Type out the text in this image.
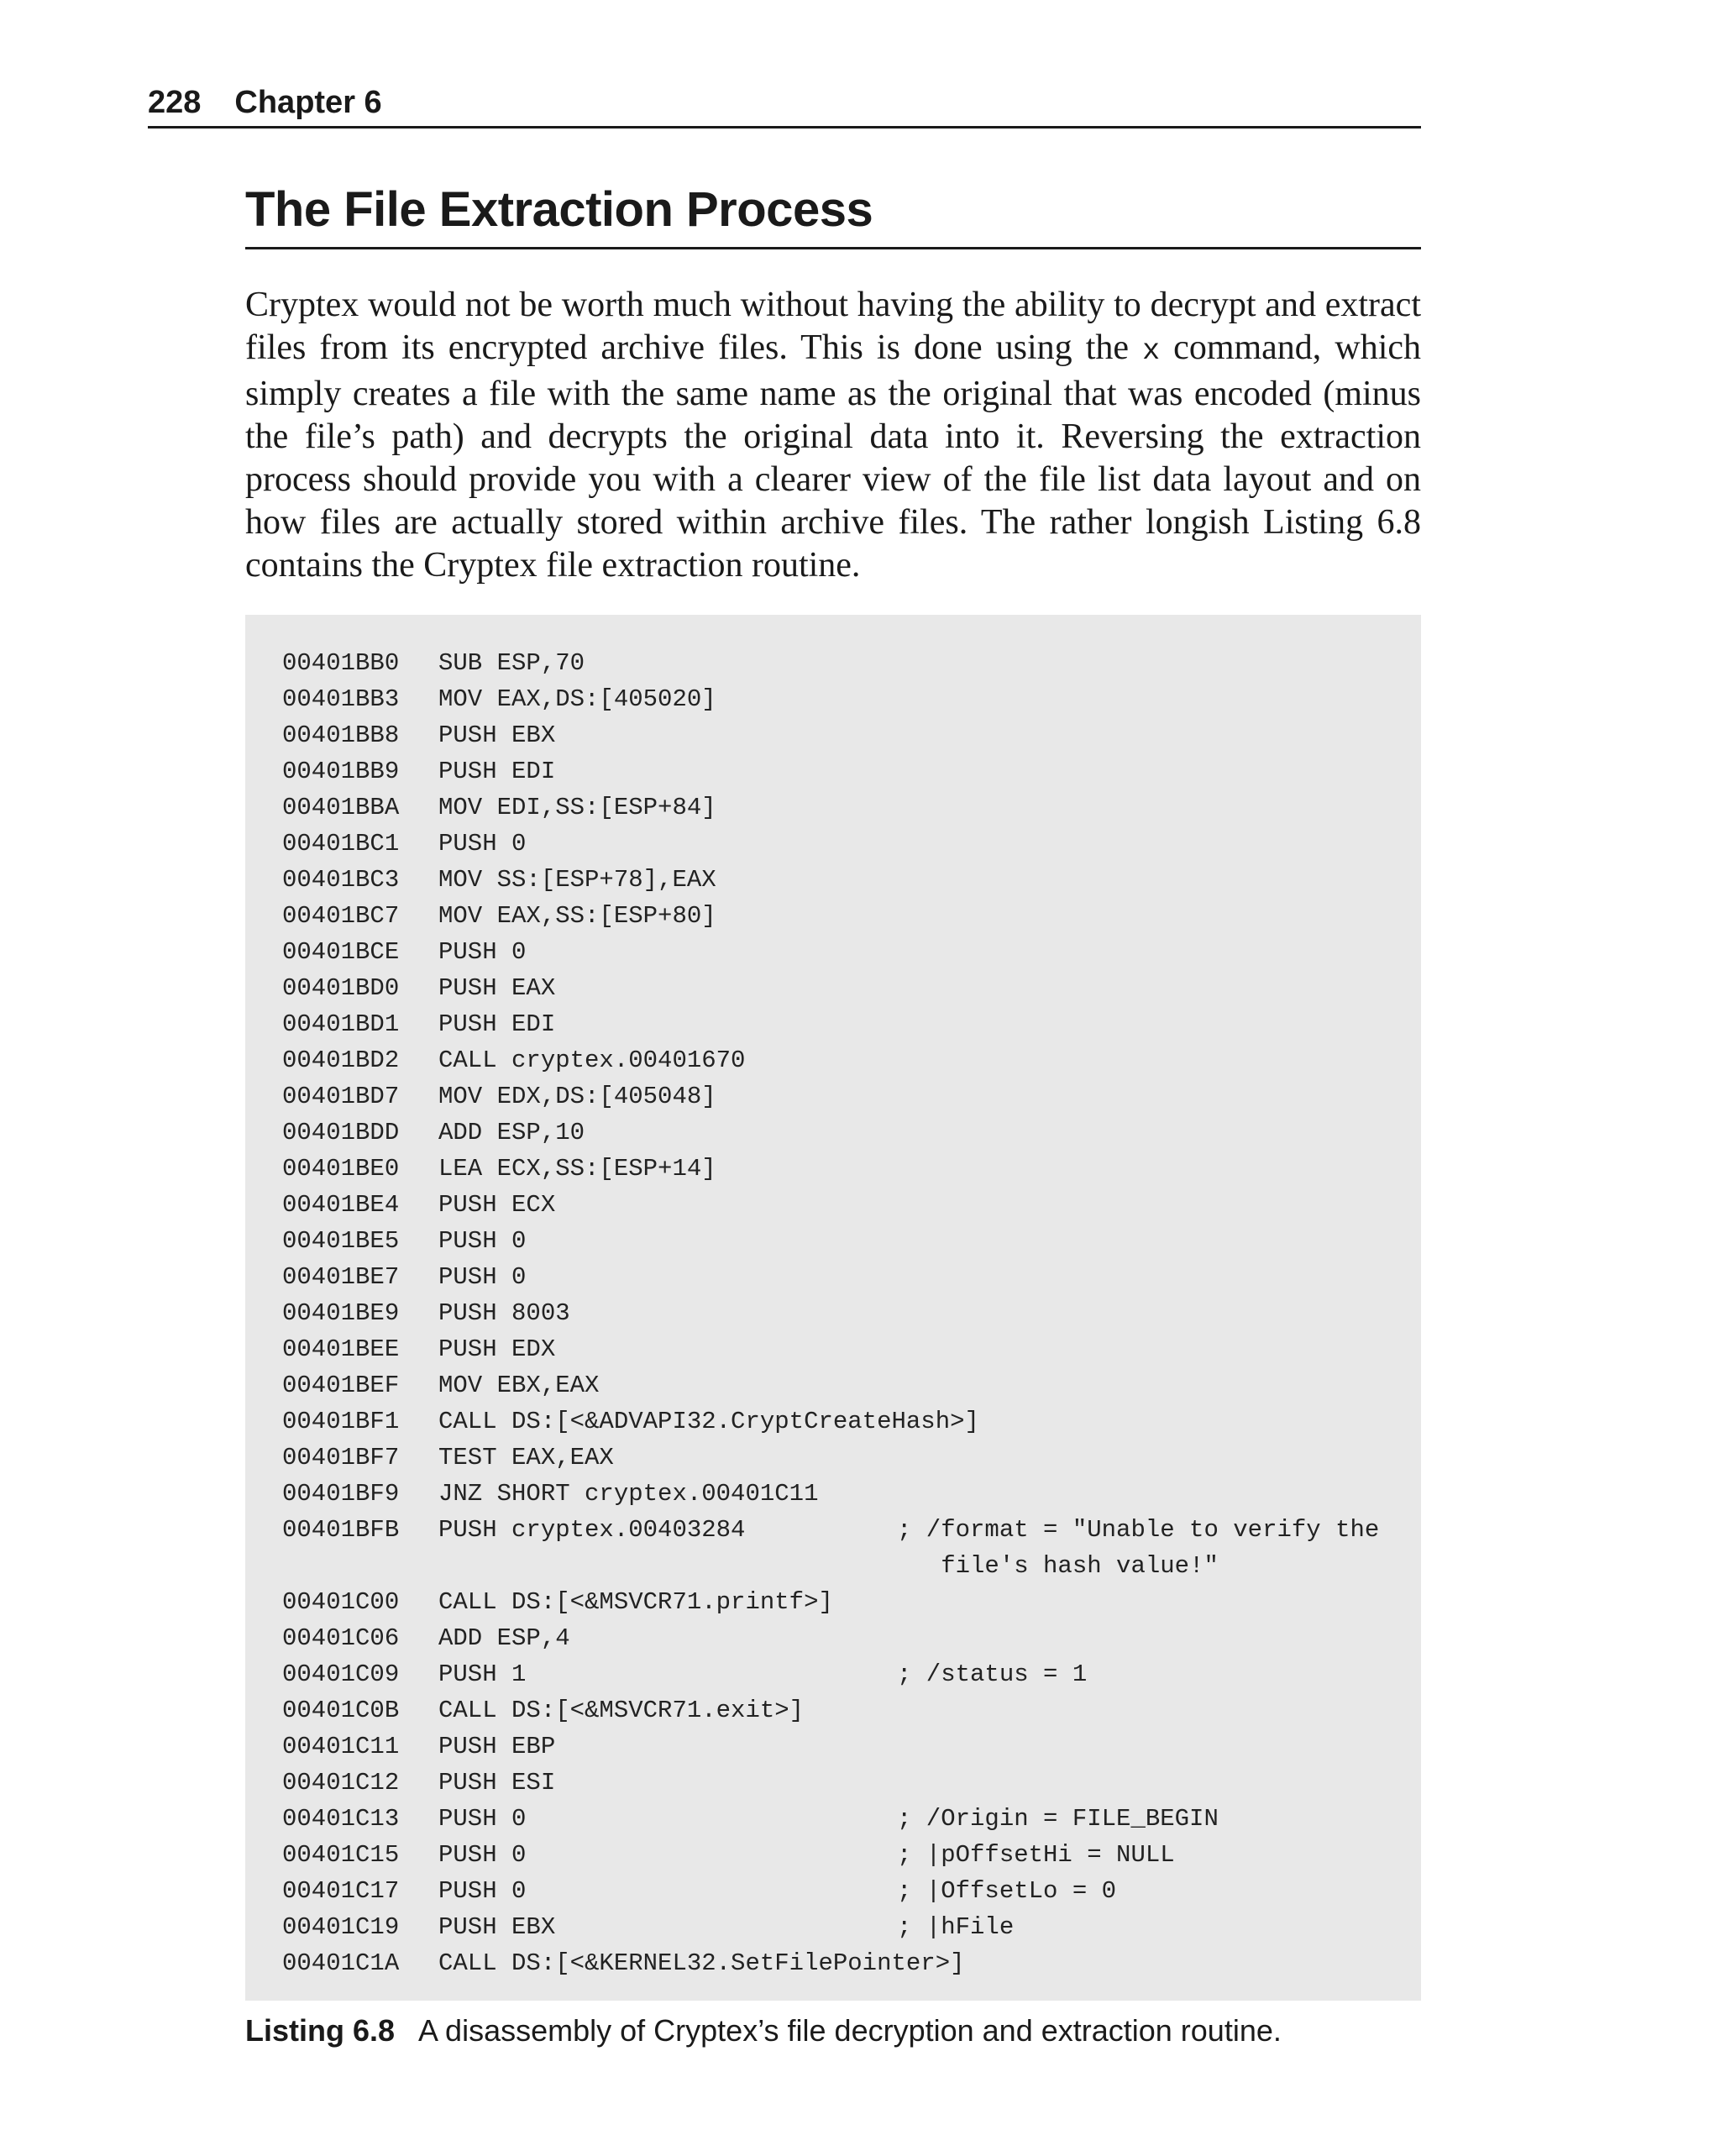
228 Chapter 6
The File Extraction Process

Cryptex would not be worth much without having the ability to decrypt and extract files from its encrypted archive files. This is done using the x command, which simply creates a file with the same name as the original that was encoded (minus the file’s path) and decrypts the original data into it. Reversing the extraction process should provide you with a clearer view of the file list data layout and on how files are actually stored within archive files. The rather longish Listing 6.8 contains the Cryptex file extraction routine.

00401BB0	SUB ESP,70
00401BB3	MOV EAX,DS:[405020]
00401BB8	PUSH EBX
00401BB9	PUSH EDI
00401BBA	MOV EDI,SS:[ESP+84]
00401BC1	PUSH 0
00401BC3	MOV SS:[ESP+78],EAX
00401BC7	MOV EAX,SS:[ESP+80]
00401BCE	PUSH 0
00401BD0	PUSH EAX
00401BD1	PUSH EDI
00401BD2	CALL cryptex.00401670
00401BD7	MOV EDX,DS:[405048]
00401BDD	ADD ESP,10
00401BE0	LEA ECX,SS:[ESP+14]
00401BE4	PUSH ECX
00401BE5	PUSH 0
00401BE7	PUSH 0
00401BE9	PUSH 8003
00401BEE	PUSH EDX
00401BEF	MOV EBX,EAX
00401BF1	CALL DS:[<&ADVAPI32.CryptCreateHash>]
00401BF7	TEST EAX,EAX
00401BF9	JNZ SHORT cryptex.00401C11
00401BFB	PUSH cryptex.00403284	; /format = "Unable to verify the
file's hash value!"
00401C00	CALL DS:[<&MSVCR71.printf>]
00401C06	ADD ESP,4
00401C09	PUSH 1	; /status = 1
00401C0B	CALL DS:[<&MSVCR71.exit>]
00401C11	PUSH EBP
00401C12	PUSH ESI
00401C13	PUSH 0	; /Origin = FILE_BEGIN
00401C15	PUSH 0	; |pOffsetHi = NULL
00401C17	PUSH 0	; |OffsetLo = 0
00401C19	PUSH EBX	; |hFile
00401C1A	CALL DS:[<&KERNEL32.SetFilePointer>]
Listing 6.8 A disassembly of Cryptex’s file decryption and extraction routine.
